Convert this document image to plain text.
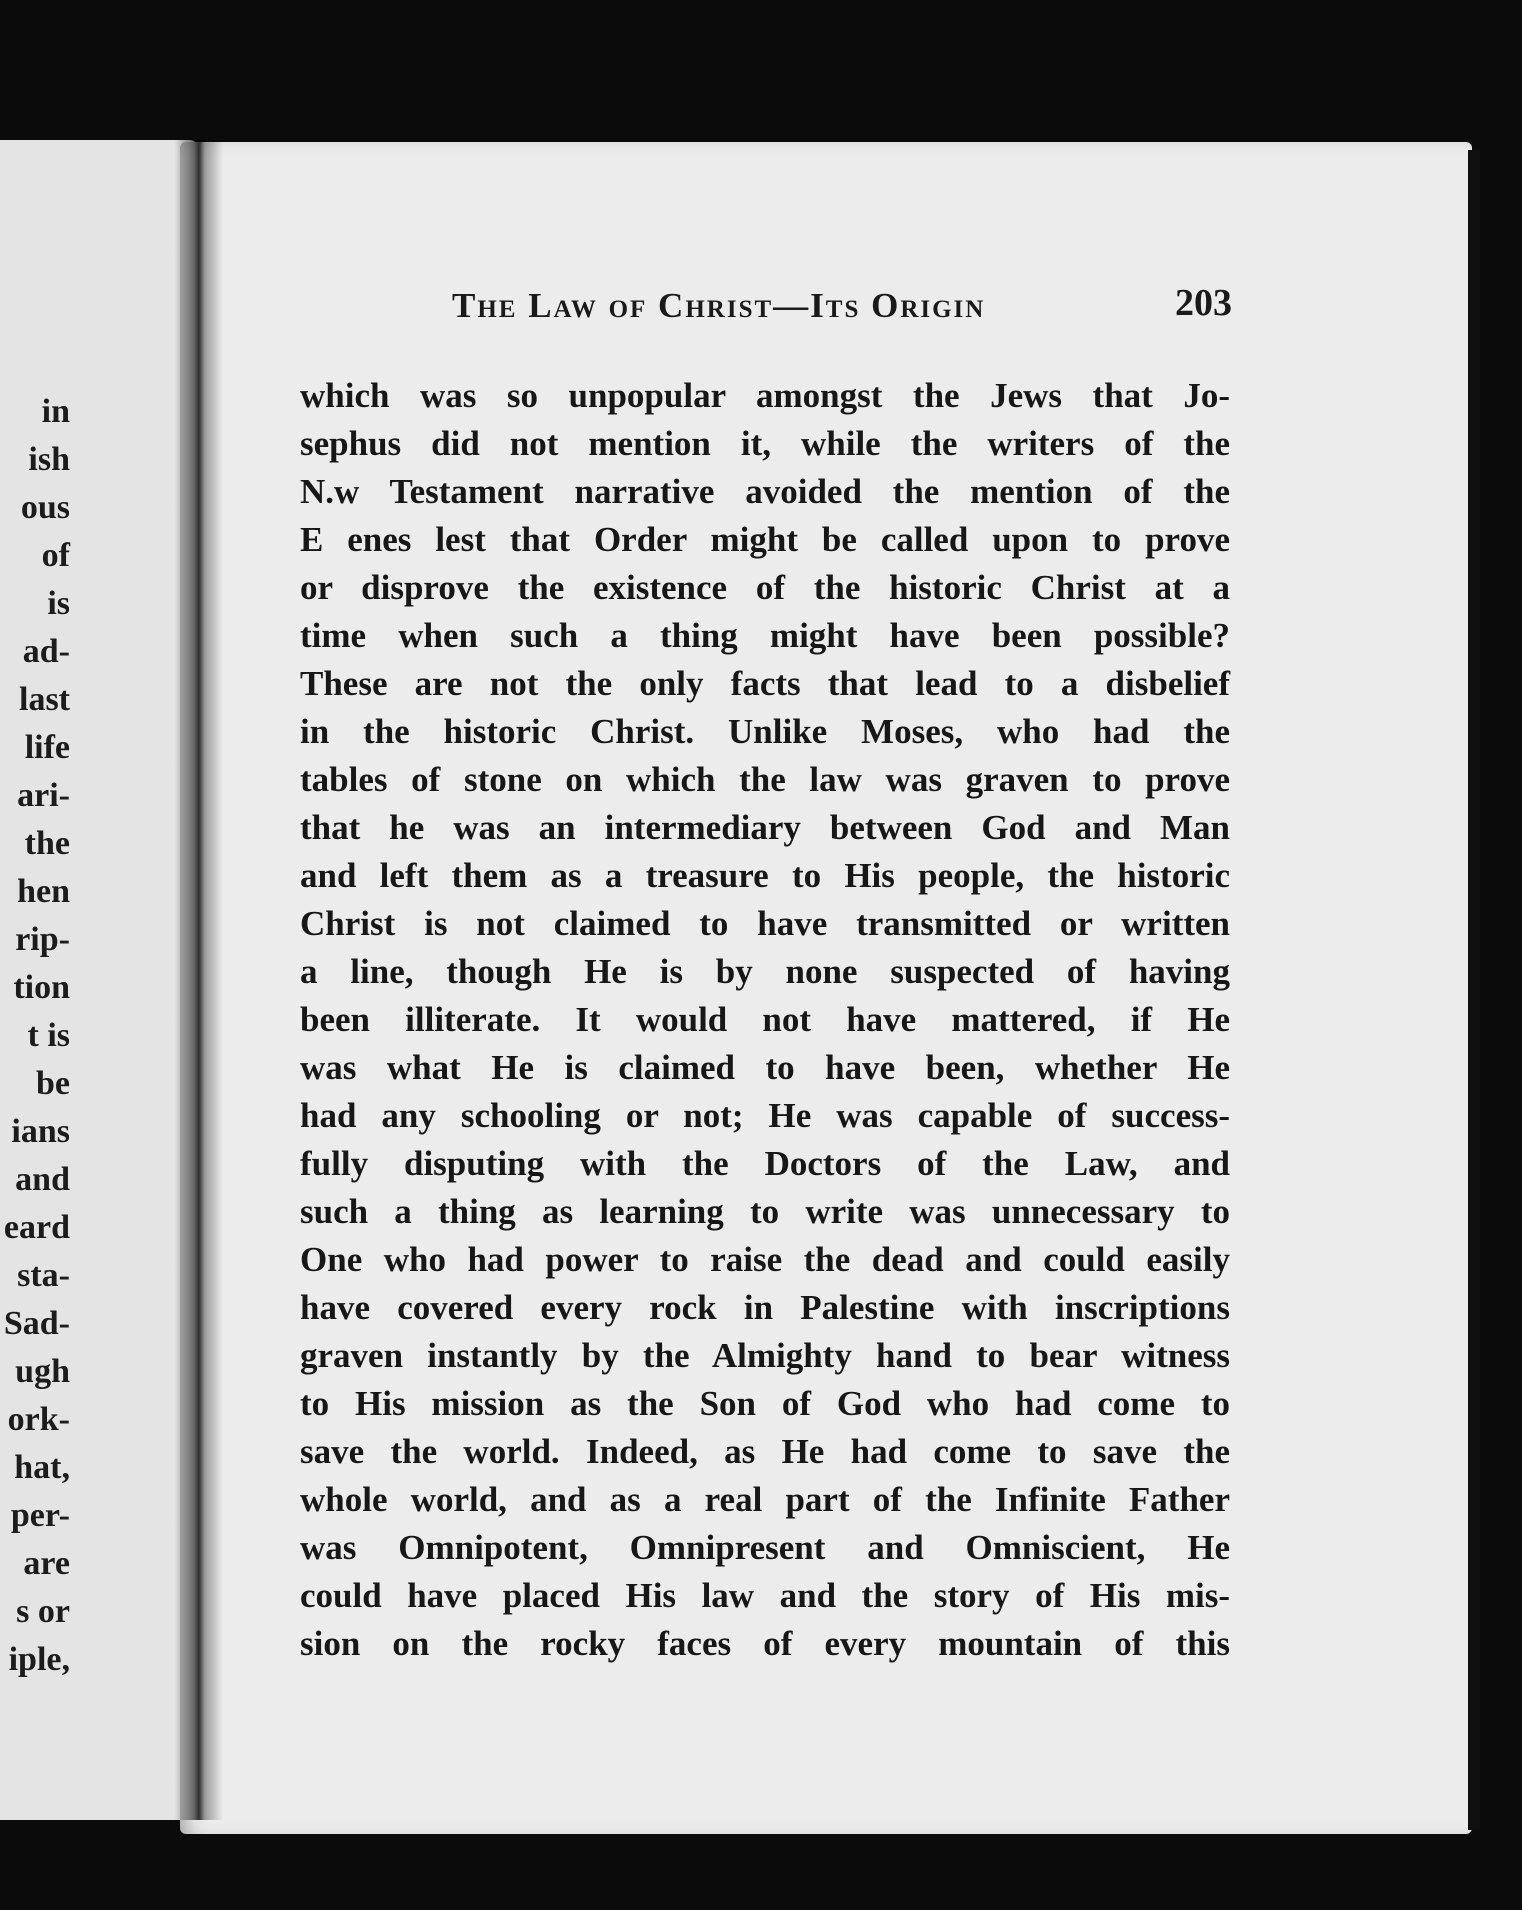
in
ish
ous
of
is
ad-
last
life
ari-
the
hen
rip-
tion
t is
be
ians
and
eard
sta-
Sad-
ugh
ork-
hat,
per-
are
s or
iple,
The Law of Christ—Its Origin	203
which was so unpopular amongst the Jews that Jo-
sephus did not mention it, while the writers of the
N.w Testament narrative avoided the mention of the
E enes lest that Order might be called upon to prove
or disprove the existence of the historic Christ at a
time when such a thing might have been possible?
These are not the only facts that lead to a disbelief
in the historic Christ. Unlike Moses, who had the
tables of stone on which the law was graven to prove
that he was an intermediary between God and Man
and left them as a treasure to His people, the historic
Christ is not claimed to have transmitted or written
a line, though He is by none suspected of having
been illiterate. It would not have mattered, if He
was what He is claimed to have been, whether He
had any schooling or not; He was capable of success-
fully disputing with the Doctors of the Law, and
such a thing as learning to write was unnecessary to
One who had power to raise the dead and could easily
have covered every rock in Palestine with inscriptions
graven instantly by the Almighty hand to bear witness
to His mission as the Son of God who had come to
save the world. Indeed, as He had come to save the
whole world, and as a real part of the Infinite Father
was Omnipotent, Omnipresent and Omniscient, He
could have placed His law and the story of His mis-
sion on the rocky faces of every mountain of this
